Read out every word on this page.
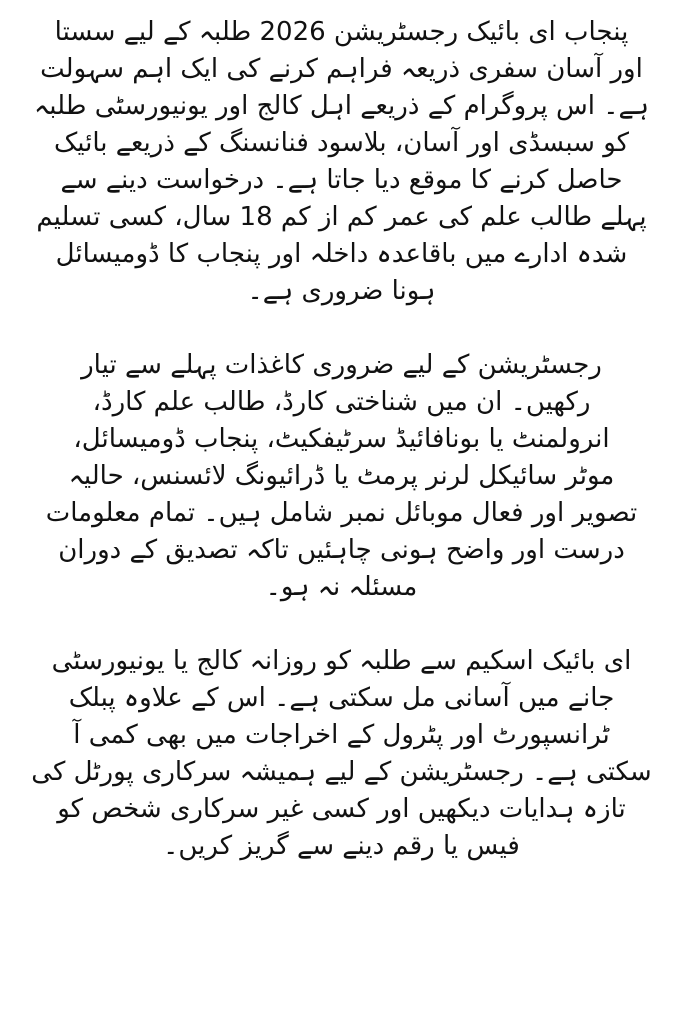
پنجاب ای بائیک رجسٹریشن 2026 طلبہ کے لیے سستا
اور آسان سفری ذریعہ فراہم کرنے کی ایک اہم سہولت
ہے۔ اس پروگرام کے ذریعے اہل کالج اور یونیورسٹی طلبہ
کو سبسڈی اور آسان، بلاسود فنانسنگ کے ذریعے بائیک
حاصل کرنے کا موقع دیا جاتا ہے۔ درخواست دینے سے
پہلے طالب علم کی عمر کم از کم 18 سال، کسی تسلیم
شدہ ادارے میں باقاعدہ داخلہ اور پنجاب کا ڈومیسائل
ہونا ضروری ہے۔
رجسٹریشن کے لیے ضروری کاغذات پہلے سے تیار
رکھیں۔ ان میں شناختی کارڈ، طالب علم کارڈ،
انرولمنٹ یا بونافائیڈ سرٹیفکیٹ، پنجاب ڈومیسائل،
موٹر سائیکل لرنر پرمٹ یا ڈرائیونگ لائسنس، حالیہ
تصویر اور فعال موبائل نمبر شامل ہیں۔ تمام معلومات
درست اور واضح ہونی چاہئیں تاکہ تصدیق کے دوران
مسئلہ نہ ہو۔
ای بائیک اسکیم سے طلبہ کو روزانہ کالج یا یونیورسٹی
جانے میں آسانی مل سکتی ہے۔ اس کے علاوہ پبلک
ٹرانسپورٹ اور پٹرول کے اخراجات میں بھی کمی آ
سکتی ہے۔ رجسٹریشن کے لیے ہمیشہ سرکاری پورٹل کی
تازہ ہدایات دیکھیں اور کسی غیر سرکاری شخص کو
فیس یا رقم دینے سے گریز کریں۔
